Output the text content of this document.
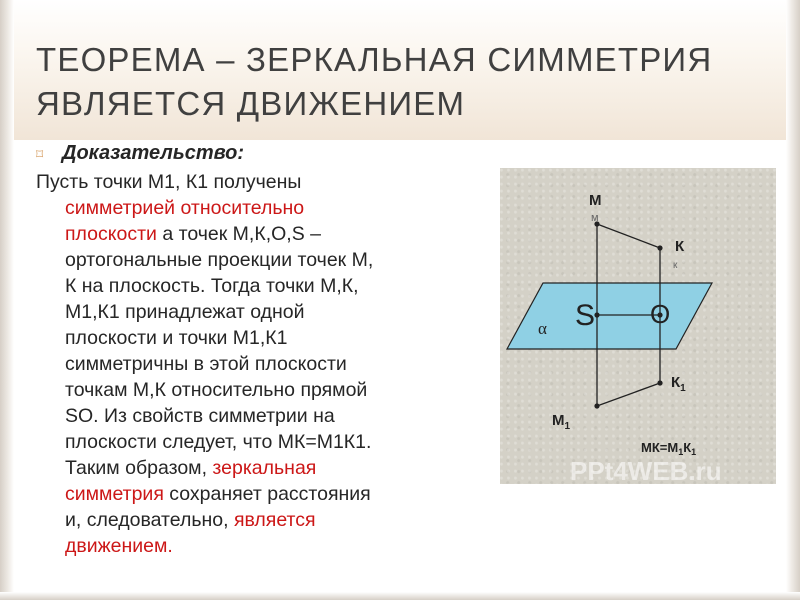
ТЕОРЕМА – ЗЕРКАЛЬНАЯ СИММЕТРИЯ
ЯВЛЯЕТСЯ ДВИЖЕНИЕМ
⌑ Доказательство:

Пусть точки М1, К1 получены
симметрией относительно
плоскости а точек М,К,О,S –
ортогональные проекции точек М,
К на плоскость. Тогда точки М,К,
М1,К1 принадлежат одной
плоскости и точки М1,К1
симметричны в этой плоскости
точкам М,К относительно прямой
SO. Из свойств симметрии на
плоскости следует, что МК=М1К1.
Таким образом, зеркальная
симметрия сохраняет расстояния
и, следовательно, является
движением.

М
м
К
к
S O
α
$К_1$
$М_1$
$МК=М_1К_1$
PPt4WEB.ru
